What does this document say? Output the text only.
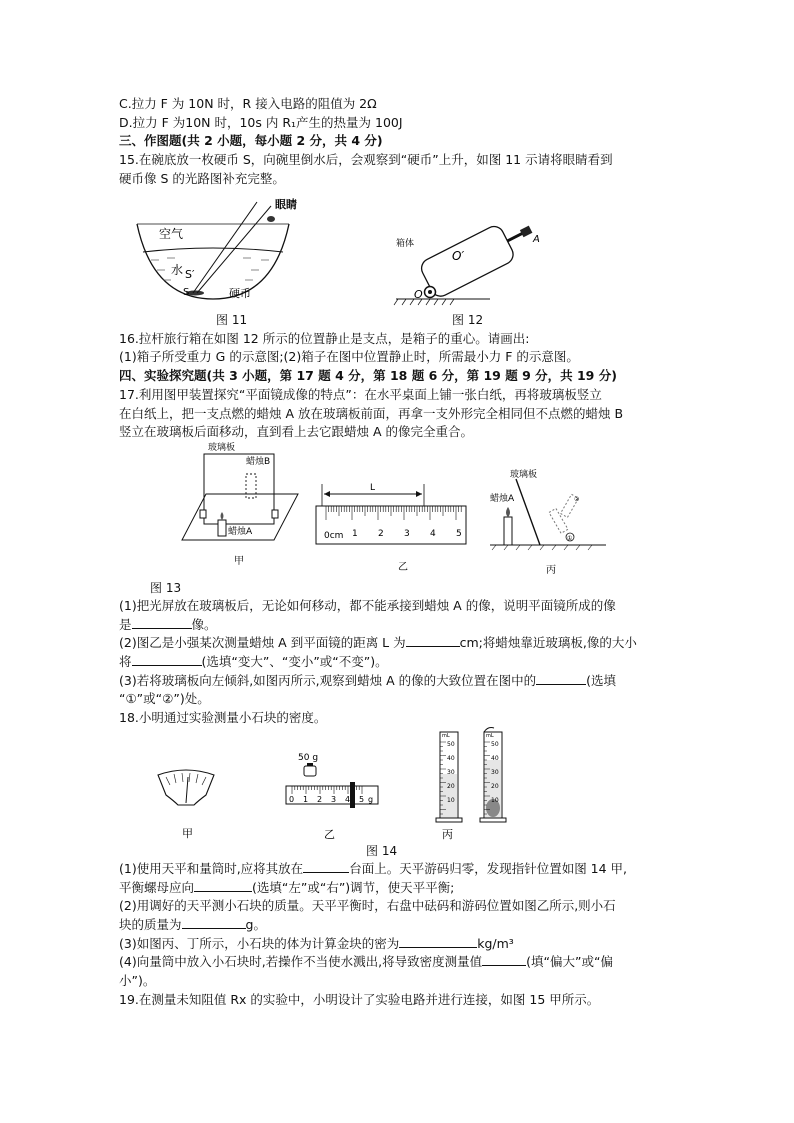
C.拉力 F 为 10N 时，R 接入电路的阻值为 2Ω
D.拉力 F 为10N 时，10s 内 R₁产生的热量为 100J
三、作图题(共 2 小题，每小题 2 分，共 4 分)
15.在碗底放一枚硬币 S，向碗里倒水后，会观察到“硬币”上升，如图 11 示请将眼睛看到
硬币像 S 的光路图补充完整。
眼睛
空气
水 S′
S	硬币
图 11
箱体
O′
O
A
图 12
16.拉杆旅行箱在如图 12 所示的位置静止是支点，是箱子的重心。请画出:
(1)箱子所受重力 G 的示意图;(2)箱子在图中位置静止时，所需最小力 F 的示意图。
四、实验探究题(共 3 小题，第 17 题 4 分，第 18 题 6 分，第 19 题 9 分，共 19 分)
17.利用图甲装置探究“平面镜成像的特点”：在水平桌面上铺一张白纸，再将玻璃板竖立
在白纸上，把一支点燃的蜡烛 A 放在玻璃板前面，再拿一支外形完全相同但不点燃的蜡烛 B
竖立在玻璃板后面移动，直到看上去它跟蜡烛 A 的像完全重合。
玻璃板
蜡烛B
蜡烛A
甲
0cm 1 2 3 4 5
L
乙
①
②
玻璃板
蜡烛A
丙
图 13
(1)把光屏放在玻璃板后，无论如何移动，都不能承接到蜡烛 A 的像，说明平面镜所成的像
是	像。
(2)图乙是小强某次测量蜡烛 A 到平面镜的距离 L 为	cm;将蜡烛靠近玻璃板,像的大小
将	(选填“变大”、“变小”或“不变”)。
(3)若将玻璃板向左倾斜,如图丙所示,观察到蜡烛 A 的像的大致位置在图中的	(选填
“①”或“②”)处。
18.小明通过实验测量小石块的密度。
甲
50 g
0 1 2 3 4 5 g
乙
mL	mL
50
40
30
20
10
50
40
30
20
10
丙
图 14
(1)使用天平和量筒时,应将其放在	台面上。天平游码归零，发现指针位置如图 14 甲,
平衡螺母应向	(选填“左”或“右”)调节，使天平平衡;
(2)用调好的天平测小石块的质量。天平平衡时，右盘中砝码和游码位置如图乙所示,则小石
块的质量为	g。
(3)如图丙、丁所示，小石块的体为计算金块的密为	kg/m³
(4)向量筒中放入小石块时,若操作不当使水溅出,将导致密度测量值	(填“偏大”或“偏
小”)。
19.在测量未知阻值 Rx 的实验中，小明设计了实验电路并进行连接，如图 15 甲所示。
